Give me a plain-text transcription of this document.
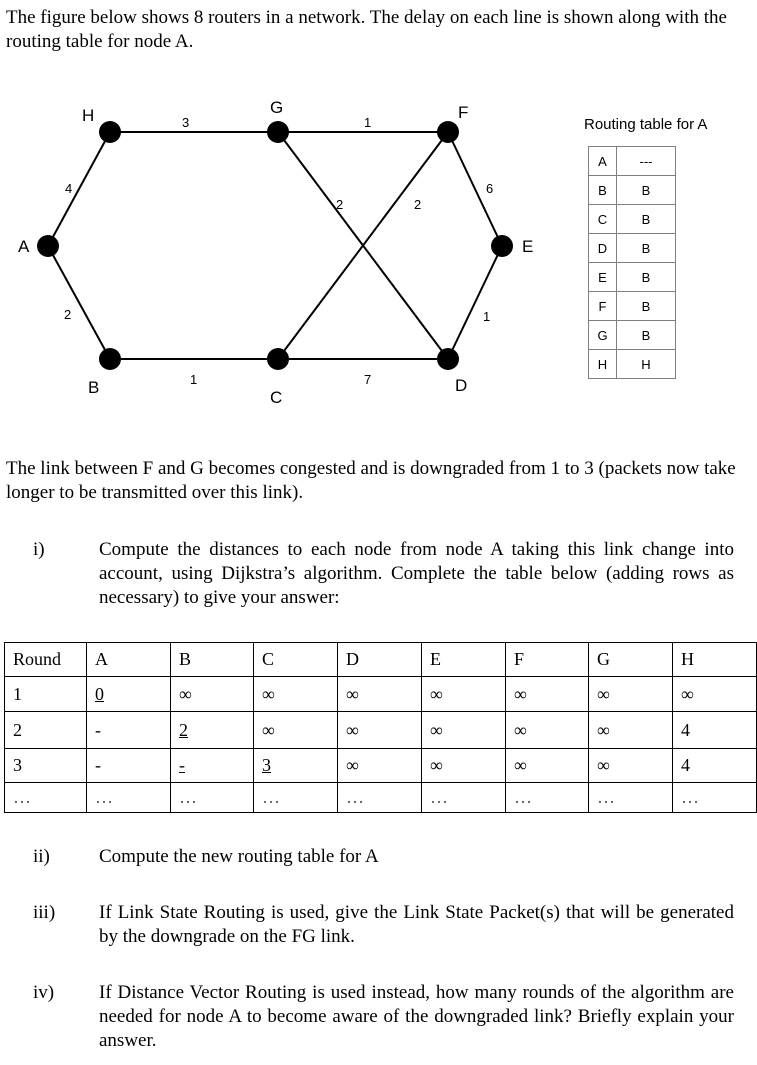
The figure below shows 8 routers in a network. The delay on each line is shown along with the routing table for node A.
H	G	F
A	E
B
C
D
3	1
4
2
1	7
6
1
2	2
Routing table for A
A	---
B	B
C	B
D	B
E	B
F	B
G	B
H	H
The link between F and G becomes congested and is downgraded from 1 to 3 (packets now take longer to be transmitted over this link).
i)	Compute the distances to each node from node A taking this link change into account, using Dijkstra’s algorithm. Complete the table below (adding rows as necessary) to give your answer:
Round	A	B	C	D	E	F	G	H
1	0	∞	∞	∞	∞	∞	∞	∞
2	-	2	∞	∞	∞	∞	∞	4
3	-	-	3	∞	∞	∞	∞	4
…	…	…	…	…	…	…	…	…
ii)	Compute the new routing table for A
iii) If Link State Routing is used, give the Link State Packet(s) that will be generated by the downgrade on the FG link.
iv) If Distance Vector Routing is used instead, how many rounds of the algorithm are needed for node A to become aware of the downgraded link? Briefly explain your answer.
